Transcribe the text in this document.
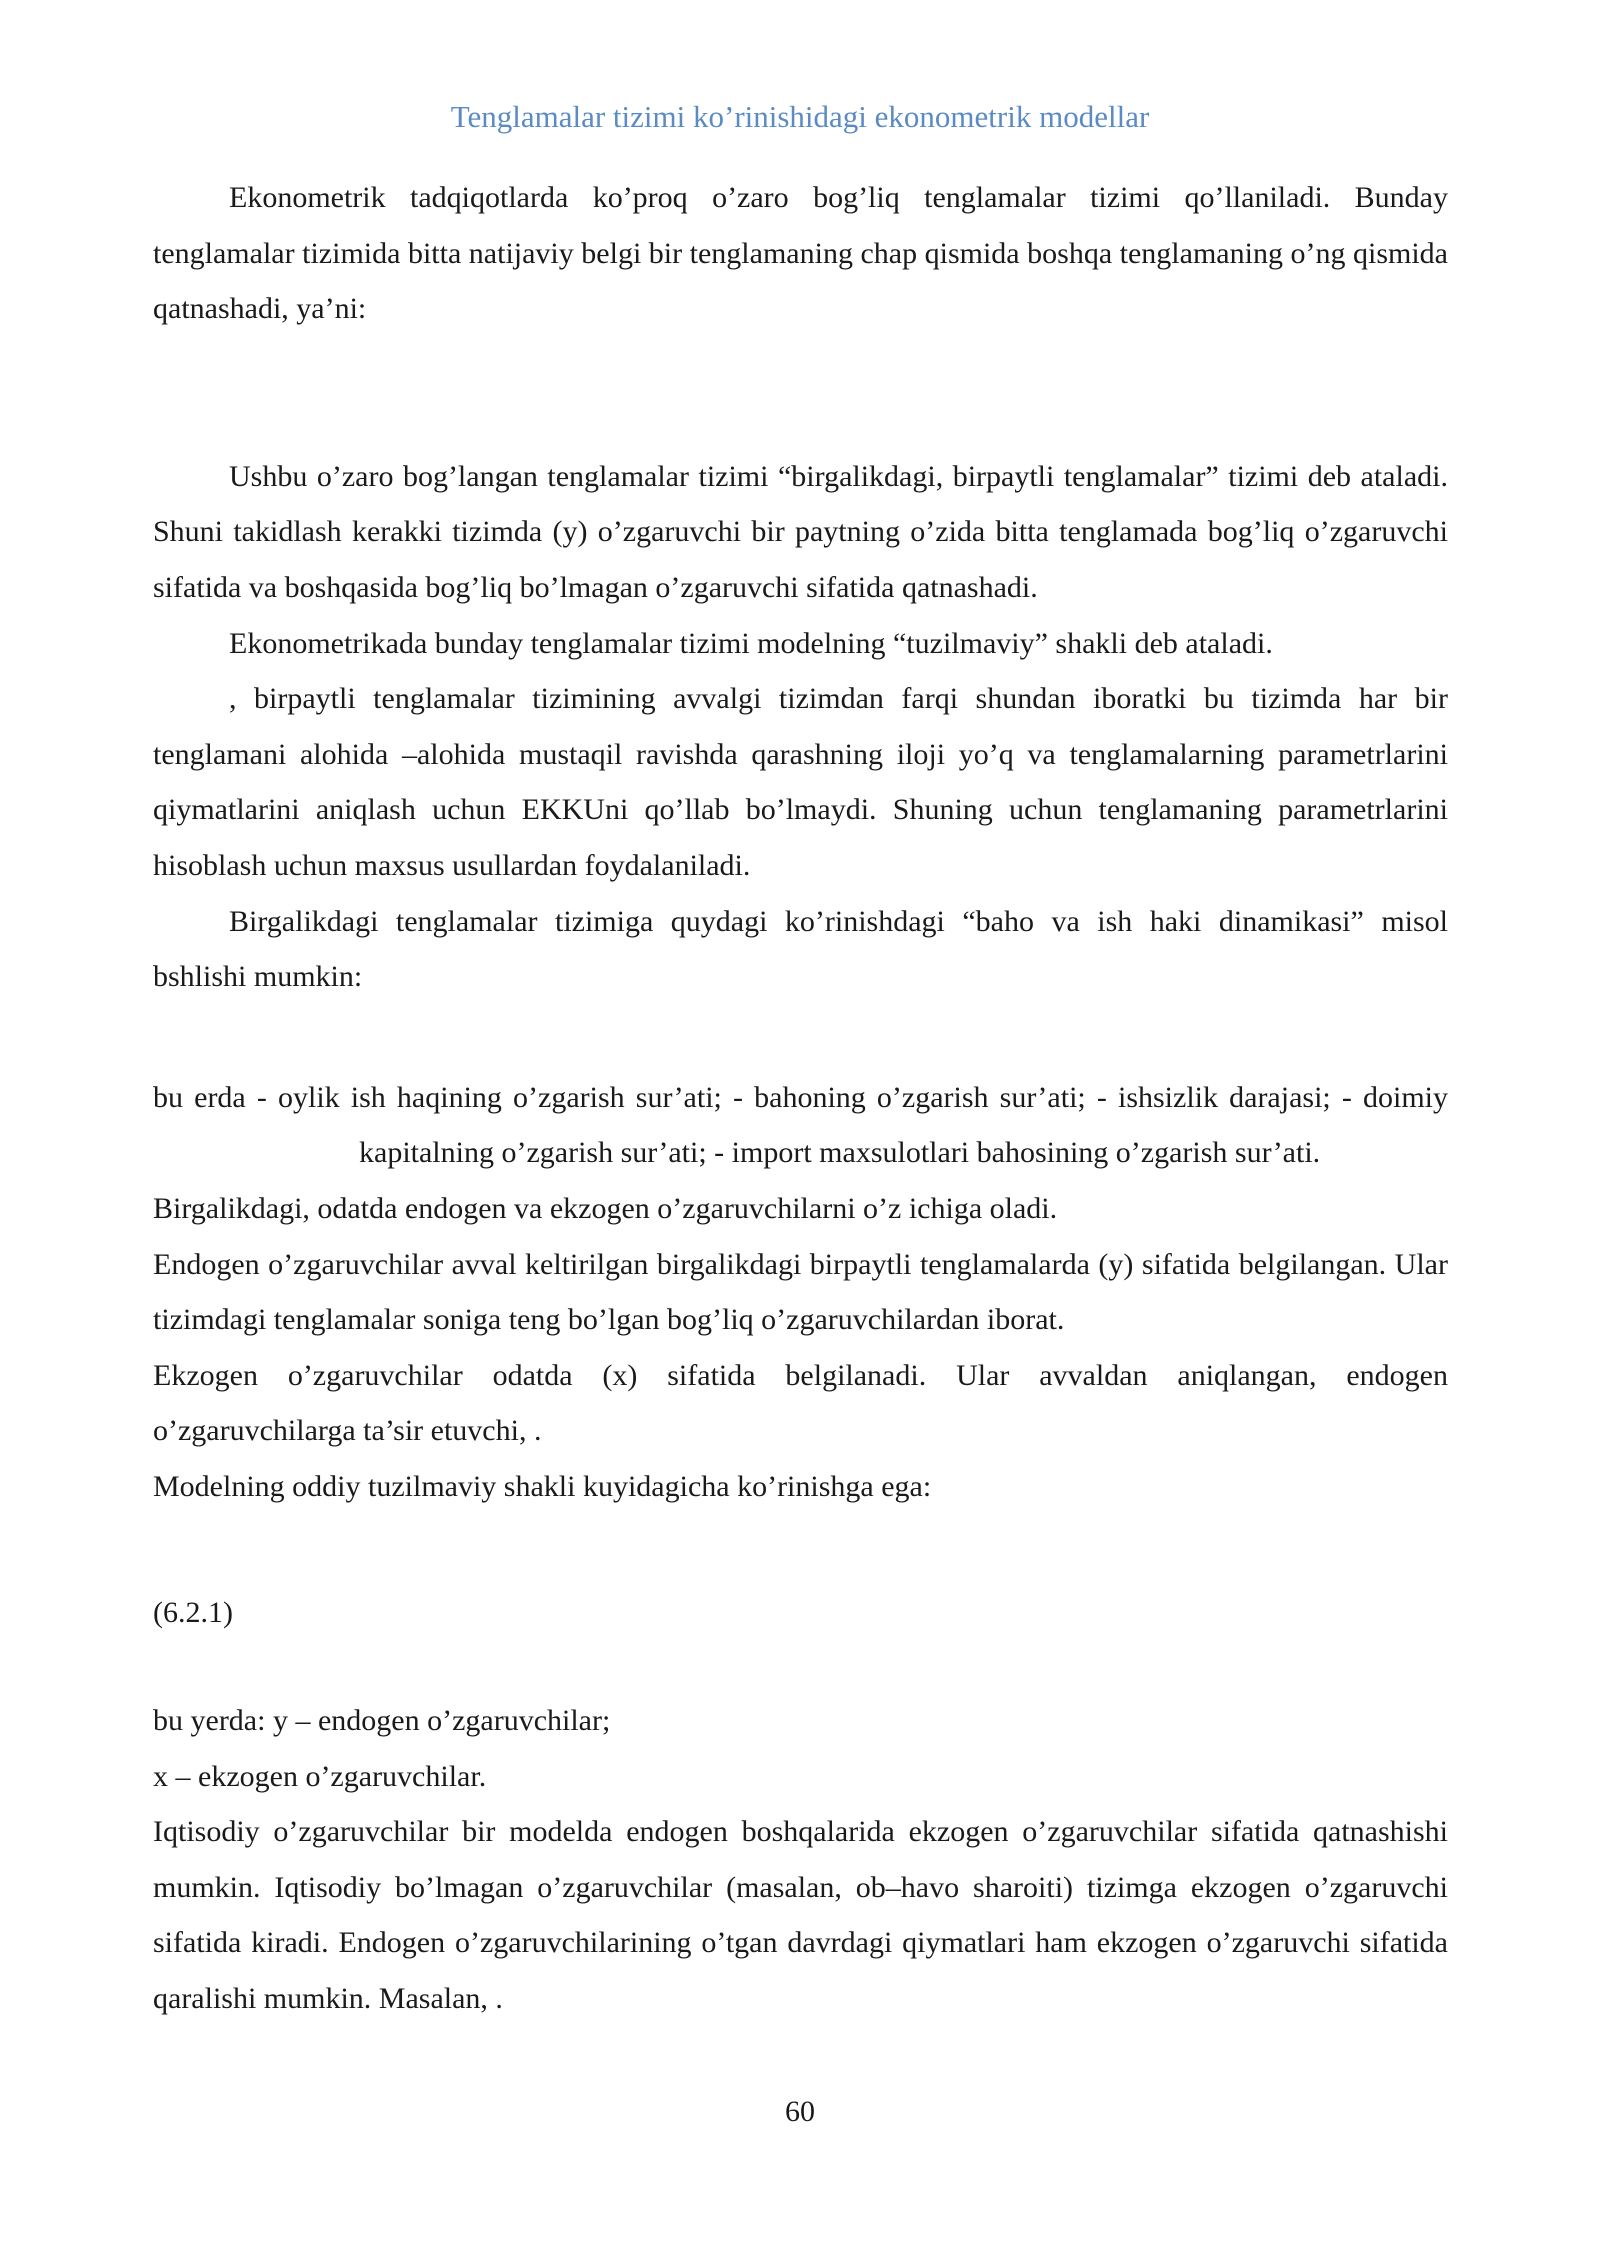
Tenglamalar tizimi ko’rinishidagi ekonometrik modellar

Ekonometrik tadqiqotlarda ko’proq o’zaro bog’liq tenglamalar tizimi qo’llaniladi. Bunday tenglamalar tizimida bitta natijaviy belgi bir tenglamaning chap qismida boshqa tenglamaning o’ng qismida qatnashadi, ya’ni:

Ushbu o’zaro bog’langan tenglamalar tizimi “birgalikdagi, birpaytli tenglamalar” tizimi deb ataladi. Shuni takidlash kerakki tizimda (y) o’zgaruvchi bir paytning o’zida bitta tenglamada bog’liq o’zgaruvchi sifatida va boshqasida bog’liq bo’lmagan o’zgaruvchi sifatida qatnashadi.

Ekonometrikada bunday tenglamalar tizimi modelning “tuzilmaviy” shakli deb ataladi.

, birpaytli tenglamalar tizimining avvalgi tizimdan farqi shundan iboratki bu tizimda har bir tenglamani alohida –alohida mustaqil ravishda qarashning iloji yo’q va tenglamalarning parametrlarini qiymatlarini aniqlash uchun EKKUni qo’llab bo’lmaydi. Shuning uchun tenglamaning parametrlarini hisoblash uchun maxsus usullardan foydalaniladi.

Birgalikdagi tenglamalar tizimiga quydagi ko’rinishdagi “baho va ish haki dinamikasi” misol bshlishi mumkin:

bu erda - oylik ish haqining o’zgarish sur’ati; - bahoning o’zgarish sur’ati; - ishsizlik darajasi; - doimiy kapitalning o’zgarish sur’ati; - import maxsulotlari bahosining o’zgarish sur’ati.

Birgalikdagi, odatda endogen va ekzogen o’zgaruvchilarni o’z ichiga oladi.

Endogen o’zgaruvchilar avval keltirilgan birgalikdagi birpaytli tenglamalarda (y) sifatida belgilangan. Ular tizimdagi tenglamalar soniga teng bo’lgan bog’liq o’zgaruvchilardan iborat.

Ekzogen o’zgaruvchilar odatda (x) sifatida belgilanadi. Ular avvaldan aniqlangan, endogen o’zgaruvchilarga ta’sir etuvchi, .

Modelning oddiy tuzilmaviy shakli kuyidagicha ko’rinishga ega:

(6.2.1)

bu yerda: y – endogen o’zgaruvchilar;

x – ekzogen o’zgaruvchilar.

Iqtisodiy o’zgaruvchilar bir modelda endogen boshqalarida ekzogen o’zgaruvchilar sifatida qatnashishi mumkin. Iqtisodiy bo’lmagan o’zgaruvchilar (masalan, ob–havo sharoiti) tizimga ekzogen o’zgaruvchi sifatida kiradi. Endogen o’zgaruvchilarining o’tgan davrdagi qiymatlari ham ekzogen o’zgaruvchi sifatida qaralishi mumkin. Masalan, .

60
